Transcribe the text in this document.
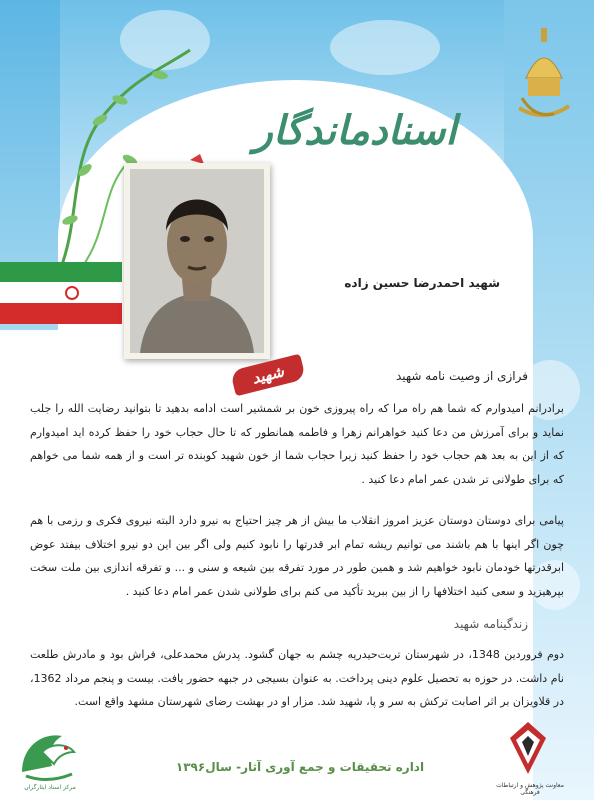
اسنادماندگار
شهید
شهید احمدرضا حسین زاده
فرازی از وصیت نامه شهید
برادرانم امیدوارم که شما هم راه مرا که راه پیروزی خون بر شمشیر است ادامه بدهید تا بتوانید رضایت الله را جلب نماید و برای آمرزش من دعا کنید خواهرانم زهرا و فاطمه همانطور که تا حال حجاب خود را حفظ کرده اید امیدوارم که از این به بعد هم حجاب خود را حفظ کنید زیرا حجاب شما از خون شهید کوبنده تر است و از همه شما می خواهم که برای طولانی تر شدن عمر امام دعا کنید .
پیامی برای دوستان دوستان عزیز امروز انقلاب ما بیش از هر چیز احتیاج به نیرو دارد البته نیروی فکری و رزمی با هم چون اگر اینها با هم باشند می توانیم ریشه تمام ابر قدرتها را نابود کنیم ولی اگر بین این دو نیرو اختلاف بیفتد عوض ابرقدرتها خودمان نابود خواهیم شد و همین طور در مورد تفرقه بین شیعه و سنی و ... و تفرقه اندازی بین ملت سخت بپرهیزید و سعی کنید اختلافها را از بین ببرید تأکید می کنم برای طولانی شدن عمر امام دعا کنید .
زندگینامه شهید
دوم فروردین 1348، در شهرستان تربت‌حیدریه چشم به جهان گشود. پدرش محمدعلی، فراش بود و مادرش طلعت نام داشت. در حوزه به تحصیل علوم دینی پرداخت. به عنوان بسیجی در جبهه حضور یافت. بیست و پنجم مرداد 1362، در قلاویزان بر اثر اصابت ترکش به سر و پا، شهید شد. مزار او در بهشت رضای شهرستان مشهد واقع است.
مرکز اسناد ایثارگران
اداره تحقیقات و جمع آوری آثار- سال۱۳۹۶
معاونت پژوهش و ارتباطات فرهنگی
